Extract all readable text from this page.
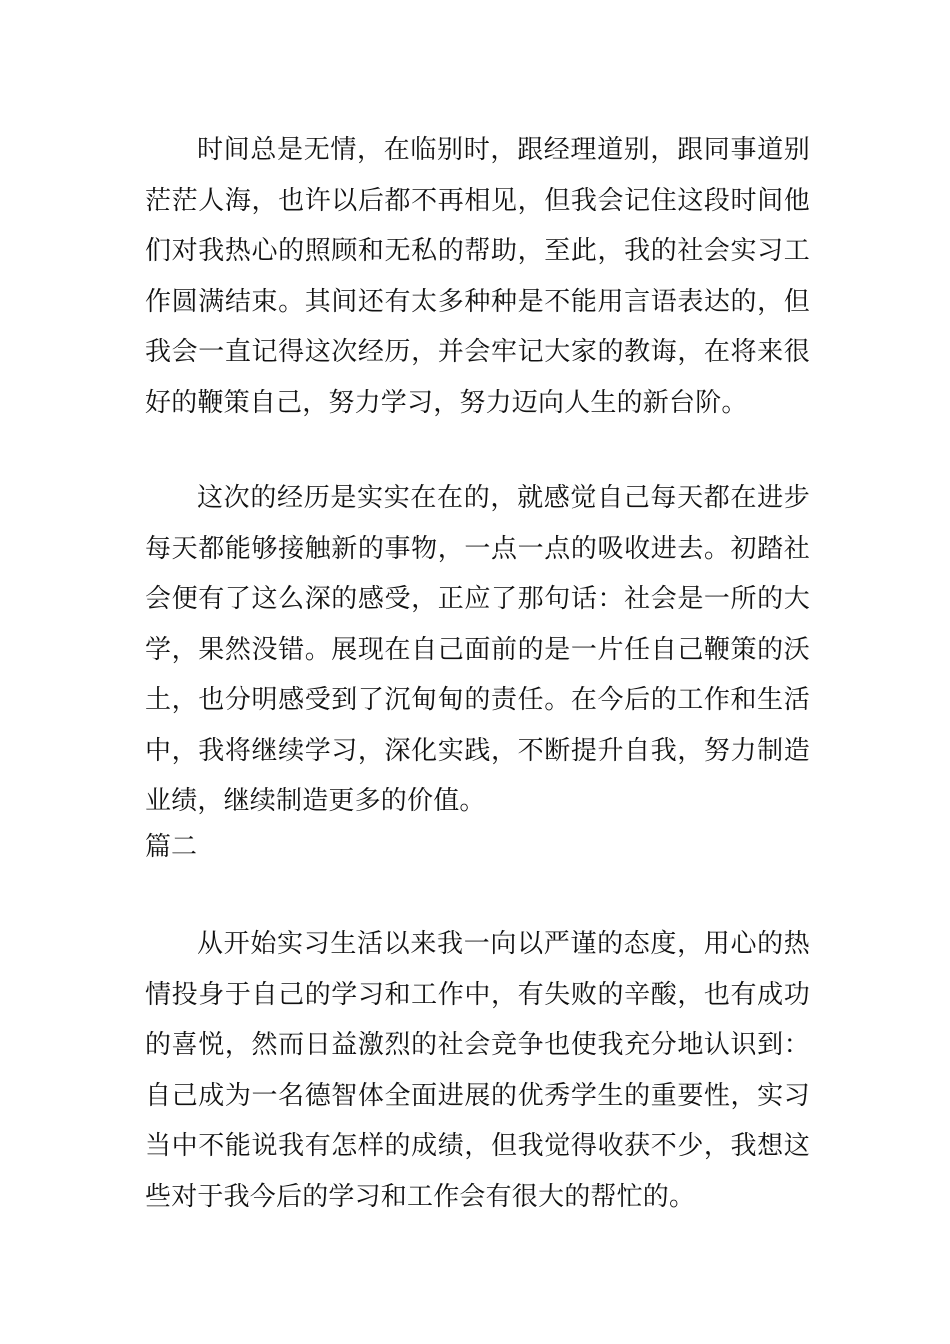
时间总是无情，在临别时，跟经理道别，跟同事道别茫茫人海，也许以后都不再相见，但我会记住这段时间他们对我热心的照顾和无私的帮助，至此，我的社会实习工作圆满结束。其间还有太多种种是不能用言语表达的，但我会一直记得这次经历，并会牢记大家的教诲，在将来很好的鞭策自己，努力学习，努力迈向人生的新台阶。

这次的经历是实实在在的，就感觉自己每天都在进步每天都能够接触新的事物，一点一点的吸收进去。初踏社会便有了这么深的感受，正应了那句话：社会是一所的大学，果然没错。展现在自己面前的是一片任自己鞭策的沃土，也分明感受到了沉甸甸的责任。在今后的工作和生活中，我将继续学习，深化实践，不断提升自我，努力制造业绩，继续制造更多的价值。

篇二

从开始实习生活以来我一向以严谨的态度，用心的热情投身于自己的学习和工作中，有失败的辛酸，也有成功的喜悦，然而日益激烈的社会竞争也使我充分地认识到：自己成为一名德智体全面进展的优秀学生的重要性，实习当中不能说我有怎样的成绩，但我觉得收获不少，我想这些对于我今后的学习和工作会有很大的帮忙的。
